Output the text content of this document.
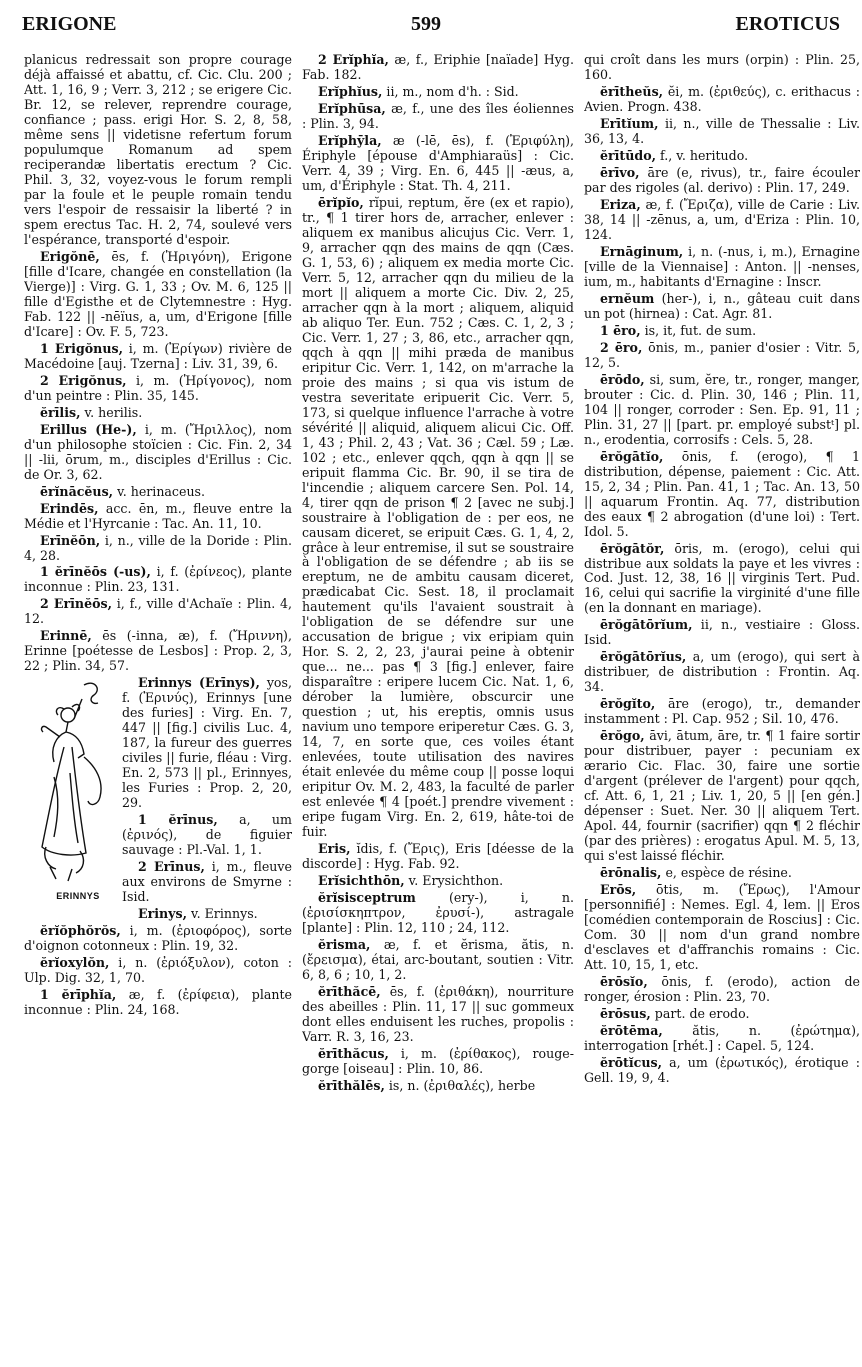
ERIGONE	599	EROTICUS

planicus redressait son propre courage déjà affaissé et abattu, cf. Cic. Clu. 200 ; Att. 1, 16, 9 ; Verr. 3, 212 ; se erigere Cic. Br. 12, se relever, reprendre courage, confiance ; pass. erigi Hor. S. 2, 8, 58, même sens || videtisne refertum forum populumque Romanum ad spem reciperandæ libertatis erectum ? Cic. Phil. 3, 32, voyez-vous le forum rempli par la foule et le peuple romain tendu vers l'espoir de ressaisir la liberté ? in spem erectus Tac. H. 2, 74, soulevé vers l'espérance, transporté d'espoir.

Erigŏnē, ēs, f. (Ἠριγόνη), Erigone [fille d'Icare, changée en constellation (la Vierge)] : Virg. G. 1, 33 ; Ov. M. 6, 125 || fille d'Egisthe et de Clytemnestre : Hyg. Fab. 122 || -nēïus, a, um, d'Erigone [fille d'Icare] : Ov. F. 5, 723.

1 Erigŏnus, i, m. (Ἐρίγων) rivière de Macédoine [auj. Tzerna] : Liv. 31, 39, 6.

2 Erigŏnus, i, m. (Ἠρίγονος), nom d'un peintre : Plin. 35, 145.

ĕrīlis, v. herilis.

Erillus (He-), i, m. (Ἤριλλος), nom d'un philosophe stoïcien : Cic. Fin. 2, 34 || -lii, ōrum, m., disciples d'Erillus : Cic. de Or. 3, 62.

ērĭnācĕus, v. herinaceus.

Erindēs, acc. ēn, m., fleuve entre la Médie et l'Hyrcanie : Tac. An. 11, 10.

Erīnĕōn, i, n., ville de la Doride : Plin. 4, 28.

1 ĕrīnĕōs (-us), i, f. (ἐρίνεος), plante inconnue : Plin. 23, 131.

2 Erīnĕōs, i, f., ville d'Achaïe : Plin. 4, 12.

Erinnē, ēs (-inna, æ), f. (Ἤριννη), Erinne [poétesse de Lesbos] : Prop. 2, 3, 22 ; Plin. 34, 57.

ERINNYS
Erinnys (Erīnys), yos, f. (Ἐρινύς), Erinnys [une des furies] : Virg. En. 7, 447 || [fig.] civilis Luc. 4, 187, la fureur des guerres civiles || furie, fléau : Virg. En. 2, 573 || pl., Erinnyes, les Furies : Prop. 2, 20, 29.

1 ĕrīnus, a, um (ἐρινός), de figuier sauvage : Pl.-Val. 1, 1.

2 Erīnus, i, m., fleuve aux environs de Smyrne : Isid.

Erinys, v. Erinnys.

ĕrĭŏphŏrŏs, i, m. (ἐριοφόρος), sorte d'oignon cotonneux : Plin. 19, 32.

ĕrĭoxylŏn, i, n. (ἐριόξυλον), coton : Ulp. Dig. 32, 1, 70.

1 ĕrīphĭa, æ, f. (ἐρίφεια), plante inconnue : Plin. 24, 168.

2 Erĭphĭa, æ, f., Eriphie [naïade] Hyg. Fab. 182.

Erĭphĭus, ii, m., nom d'h. : Sid.

Erĭphūsa, æ, f., une des îles éoliennes : Plin. 3, 94.

Erĭphȳla, æ (-lē, ēs), f. (Ἐριφύλη), Ériphyle [épouse d'Amphiaraüs] : Cic. Verr. 4, 39 ; Virg. En. 6, 445 || -æus, a, um, d'Ériphyle : Stat. Th. 4, 211.

ērĭpĭo, rĭpui, reptum, ĕre (ex et rapio), tr., ¶ 1 tirer hors de, arracher, enlever : aliquem ex manibus alicujus Cic. Verr. 1, 9, arracher qqn des mains de qqn (Cæs. G. 1, 53, 6) ; aliquem ex media morte Cic. Verr. 5, 12, arracher qqn du milieu de la mort || aliquem a morte Cic. Div. 2, 25, arracher qqn à la mort ; aliquem, aliquid ab aliquo Ter. Eun. 752 ; Cæs. C. 1, 2, 3 ; Cic. Verr. 1, 27 ; 3, 86, etc., arracher qqn, qqch à qqn || mihi præda de manibus eripitur Cic. Verr. 1, 142, on m'arrache la proie des mains ; si qua vis istum de vestra severitate eripuerit Cic. Verr. 5, 173, si quelque influence l'arrache à votre sévérité || aliquid, aliquem alicui Cic. Off. 1, 43 ; Phil. 2, 43 ; Vat. 36 ; Cæl. 59 ; Læ. 102 ; etc., enlever qqch, qqn à qqn || se eripuit flamma Cic. Br. 90, il se tira de l'incendie ; aliquem carcere Sen. Pol. 14, 4, tirer qqn de prison ¶ 2 [avec ne subj.] soustraire à l'obligation de : per eos, ne causam diceret, se eripuit Cæs. G. 1, 4, 2, grâce à leur entremise, il sut se soustraire à l'obligation de se défendre ; ab iis se ereptum, ne de ambitu causam diceret, prædicabat Cic. Sest. 18, il proclamait hautement qu'ils l'avaient soustrait à l'obligation de se défendre sur une accusation de brigue ; vix eripiam quin Hor. S. 2, 2, 23, j'aurai peine à obtenir que... ne... pas ¶ 3 [fig.] enlever, faire disparaître : eripere lucem Cic. Nat. 1, 6, dérober la lumière, obscurcir une question ; ut, his ereptis, omnis usus navium uno tempore eriperetur Cæs. G. 3, 14, 7, en sorte que, ces voiles étant enlevées, toute utilisation des navires était enlevée du même coup || posse loqui eripitur Ov. M. 2, 483, la faculté de parler est enlevée ¶ 4 [poét.] prendre vivement : eripe fugam Virg. En. 2, 619, hâte-toi de fuir.

Eris, ĭdis, f. (Ἔρις), Eris [déesse de la discorde] : Hyg. Fab. 92.

Erĭsichthōn, v. Erysichthon.

ĕrĭsisceptrum	(ery-), i, n. (ἐρισίσκηπτρον, ἐρυσί-), astragale [plante] : Plin. 12, 110 ; 24, 112.

ĕrisma, æ, f. et ĕrisma, ătis, n. (ἔρεισμα), étai, arc-boutant, soutien : Vitr. 6, 8, 6 ; 10, 1, 2.

ĕrīthăcē, ēs, f. (ἐριθάκη), nourriture des abeilles : Plin. 11, 17 || suc gommeux dont elles enduisent les ruches, propolis : Varr. R. 3, 16, 23.

ĕrīthăcus, i, m. (ἐρίθακος), rouge-gorge [oiseau] : Plin. 10, 86.

ĕrīthălēs, is, n. (ἐριθαλές), herbe

qui croît dans les murs (orpin) : Plin. 25, 160.

ĕrītheŭs, ĕi, m. (ἐριθεύς), c. erithacus : Avien. Progn. 438.

Erītĭum, ii, n., ville de Thessalie : Liv. 36, 13, 4.

ĕrītūdo, f., v. heritudo.

ērīvo, āre (e, rivus), tr., faire écouler par des rigoles (al. derivo) : Plin. 17, 249.

Eriza, æ, f. (Ἔριζα), ville de Carie : Liv. 38, 14 || -zēnus, a, um, d'Eriza : Plin. 10, 124.

Ernāginum, i, n. (-nus, i, m.), Ernagine [ville de la Viennaise] : Anton. || -nenses, ium, m., habitants d'Ernagine : Inscr.

ernĕum (her-), i, n., gâteau cuit dans un pot (hirnea) : Cat. Agr. 81.

1 ēro, is, it, fut. de sum.

2 ēro, ōnis, m., panier d'osier : Vitr. 5, 12, 5.

ērōdo, si, sum, ĕre, tr., ronger, manger, brouter : Cic. d. Plin. 30, 146 ; Plin. 11, 104 || ronger, corroder : Sen. Ep. 91, 11 ; Plin. 31, 27 || [part. pr. employé substᵗ] pl. n., erodentia, corrosifs : Cels. 5, 28.

ērŏgātĭo, ōnis, f. (erogo), ¶ 1 distribution, dépense, paiement : Cic. Att. 15, 2, 34 ; Plin. Pan. 41, 1 ; Tac. An. 13, 50 || aquarum Frontin. Aq. 77, distribution des eaux ¶ 2 abrogation (d'une loi) : Tert. Idol. 5.

ērŏgātŏr, ōris, m. (erogo), celui qui distribue aux soldats la paye et les vivres : Cod. Just. 12, 38, 16 || virginis Tert. Pud. 16, celui qui sacrifie la virginité d'une fille (en la donnant en mariage).

ērŏgātōrĭum, ii, n., vestiaire : Gloss. Isid.

ērŏgātōrĭus, a, um (erogo), qui sert à distribuer, de distribution : Frontin. Aq. 34.

ērŏgĭto, āre (erogo), tr., demander instamment : Pl. Cap. 952 ; Sil. 10, 476.

ērŏgo, āvi, ātum, āre, tr. ¶ 1 faire sortir pour distribuer, payer : pecuniam ex ærario Cic. Flac. 30, faire une sortie d'argent (prélever de l'argent) pour qqch, cf. Att. 6, 1, 21 ; Liv. 1, 20, 5 || [en gén.] dépenser : Suet. Ner. 30 || aliquem Tert. Apol. 44, fournir (sacrifier) qqn ¶ 2 fléchir (par des prières) : erogatus Apul. M. 5, 13, qui s'est laissé fléchir.

ērōnalis, e, espèce de résine.

Erōs, ōtis, m. (Ἔρως), l'Amour [personnifié] : Nemes. Egl. 4, lem. || Eros [comédien contemporain de Roscius] : Cic. Com. 30 || nom d'un grand nombre d'esclaves et d'affranchis romains : Cic. Att. 10, 15, 1, etc.

ērōsĭo, ōnis, f. (erodo), action de ronger, érosion : Plin. 23, 70.

ērōsus, part. de erodo.

ĕrōtēma, ătis, n. (ἐρώτημα), interrogation [rhét.] : Capel. 5, 124.

ĕrōtĭcus, a, um (ἐρωτικός), érotique : Gell. 19, 9, 4.
